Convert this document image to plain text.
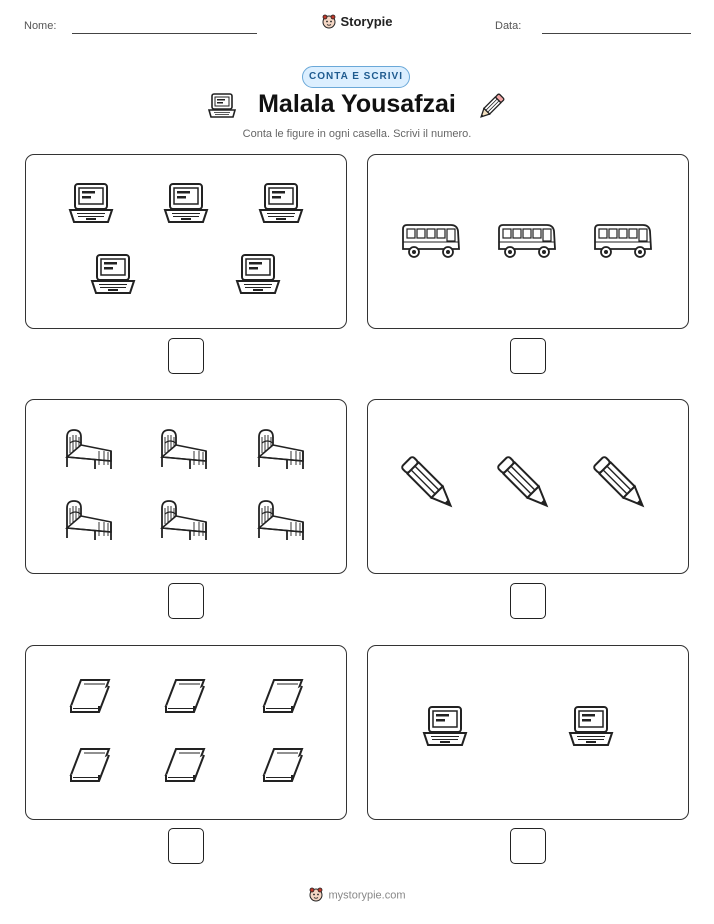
Nome:	Data:
Storypie
CONTA E SCRIVI
Malala Yousafzai
Conta le figure in ogni casella. Scrivi il numero.
mystorypie.com
